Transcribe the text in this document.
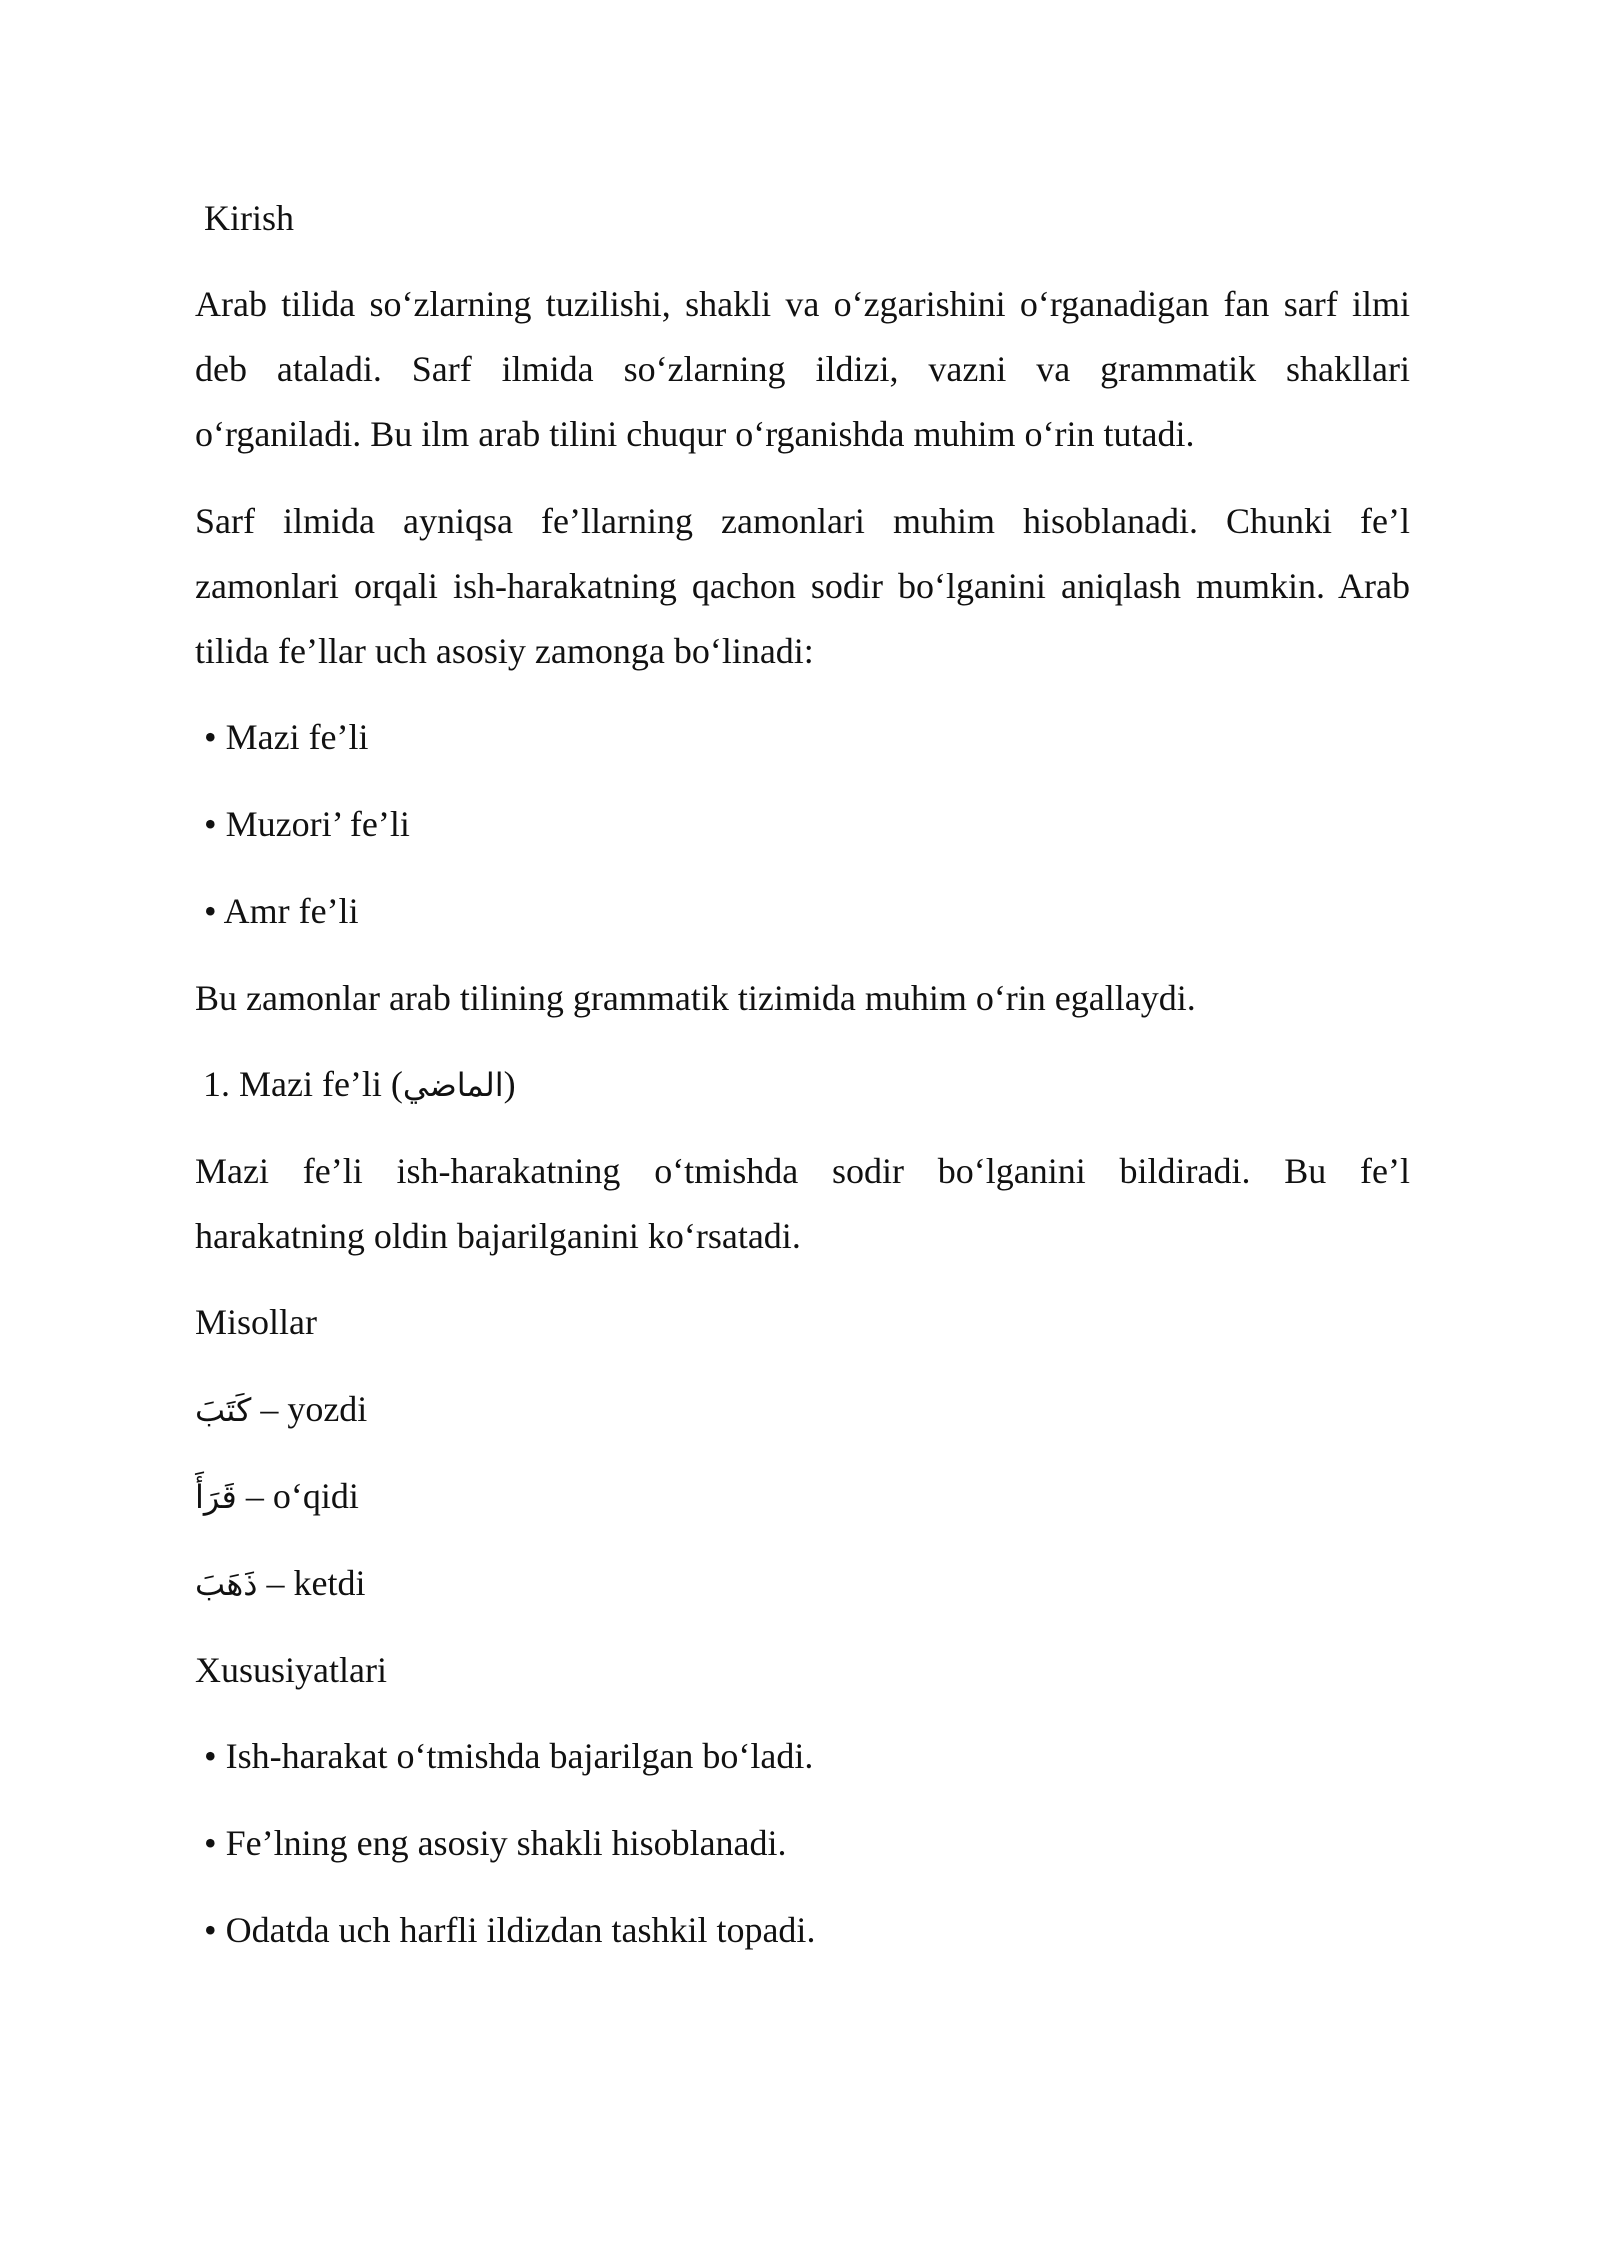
Kirish
Arab tilida so‘zlarning tuzilishi, shakli va o‘zgarishini o‘rganadigan fan sarf ilmi
deb ataladi. Sarf ilmida so‘zlarning ildizi, vazni va grammatik shakllari
o‘rganiladi. Bu ilm arab tilini chuqur o‘rganishda muhim o‘rin tutadi.
Sarf ilmida ayniqsa fe’llarning zamonlari muhim hisoblanadi. Chunki fe’l
zamonlari orqali ish-harakatning qachon sodir bo‘lganini aniqlash mumkin. Arab
tilida fe’llar uch asosiy zamonga bo‘linadi:
• Mazi fe’li
• Muzori’ fe’li
• Amr fe’li
Bu zamonlar arab tilining grammatik tizimida muhim o‘rin egallaydi.
1. Mazi fe’li (الماضي)
Mazi fe’li ish-harakatning o‘tmishda sodir bo‘lganini bildiradi. Bu fe’l
harakatning oldin bajarilganini ko‘rsatadi.
Misollar
كَتَبَ – yozdi
قَرَأَ – o‘qidi
ذَهَبَ – ketdi
Xususiyatlari
• Ish-harakat o‘tmishda bajarilgan bo‘ladi.
• Fe’lning eng asosiy shakli hisoblanadi.
• Odatda uch harfli ildizdan tashkil topadi.
